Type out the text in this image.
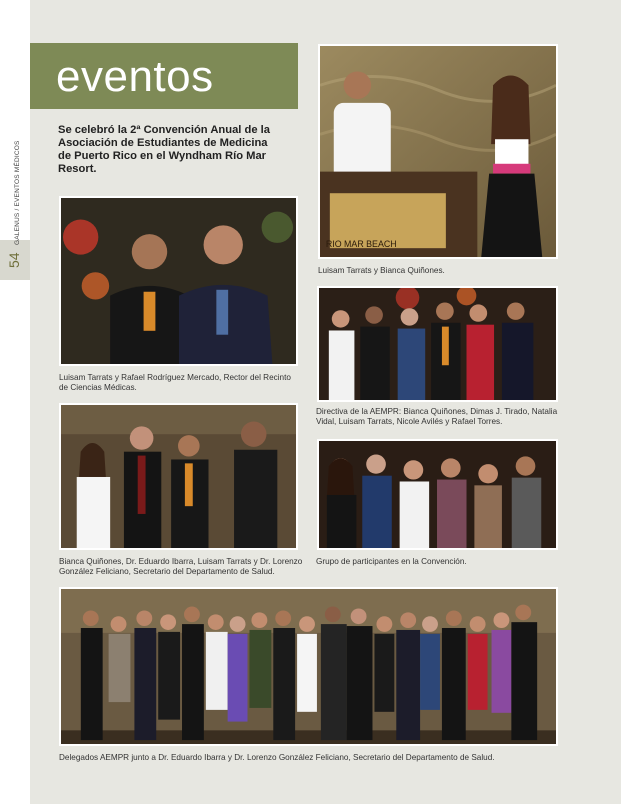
GALENUS / EVENTOS MÉDICOS
54
eventos
Se celebró la 2ª Convención Anual de la Asociación de Estudiantes de Medicina de Puerto Rico en el Wyndham Río Mar Resort.
RIO MAR BEACH
Luisam Tarrats y Bianca Quiñones.
Luisam Tarrats y Rafael Rodríguez Mercado, Rector del Recinto de Ciencias Médicas.
Directiva de la AEMPR: Bianca Quiñones, Dimas J. Tirado, Natalia Vidal, Luisam Tarrats, Nicole Avilés y Rafael Torres.
Bianca Quiñones, Dr. Eduardo Ibarra, Luisam Tarrats y Dr. Lorenzo González Feliciano, Secretario del Departamento de Salud.
Grupo de participantes en la Convención.
Delegados AEMPR junto a Dr. Eduardo Ibarra y Dr. Lorenzo González Feliciano, Secretario del Departamento de Salud.
